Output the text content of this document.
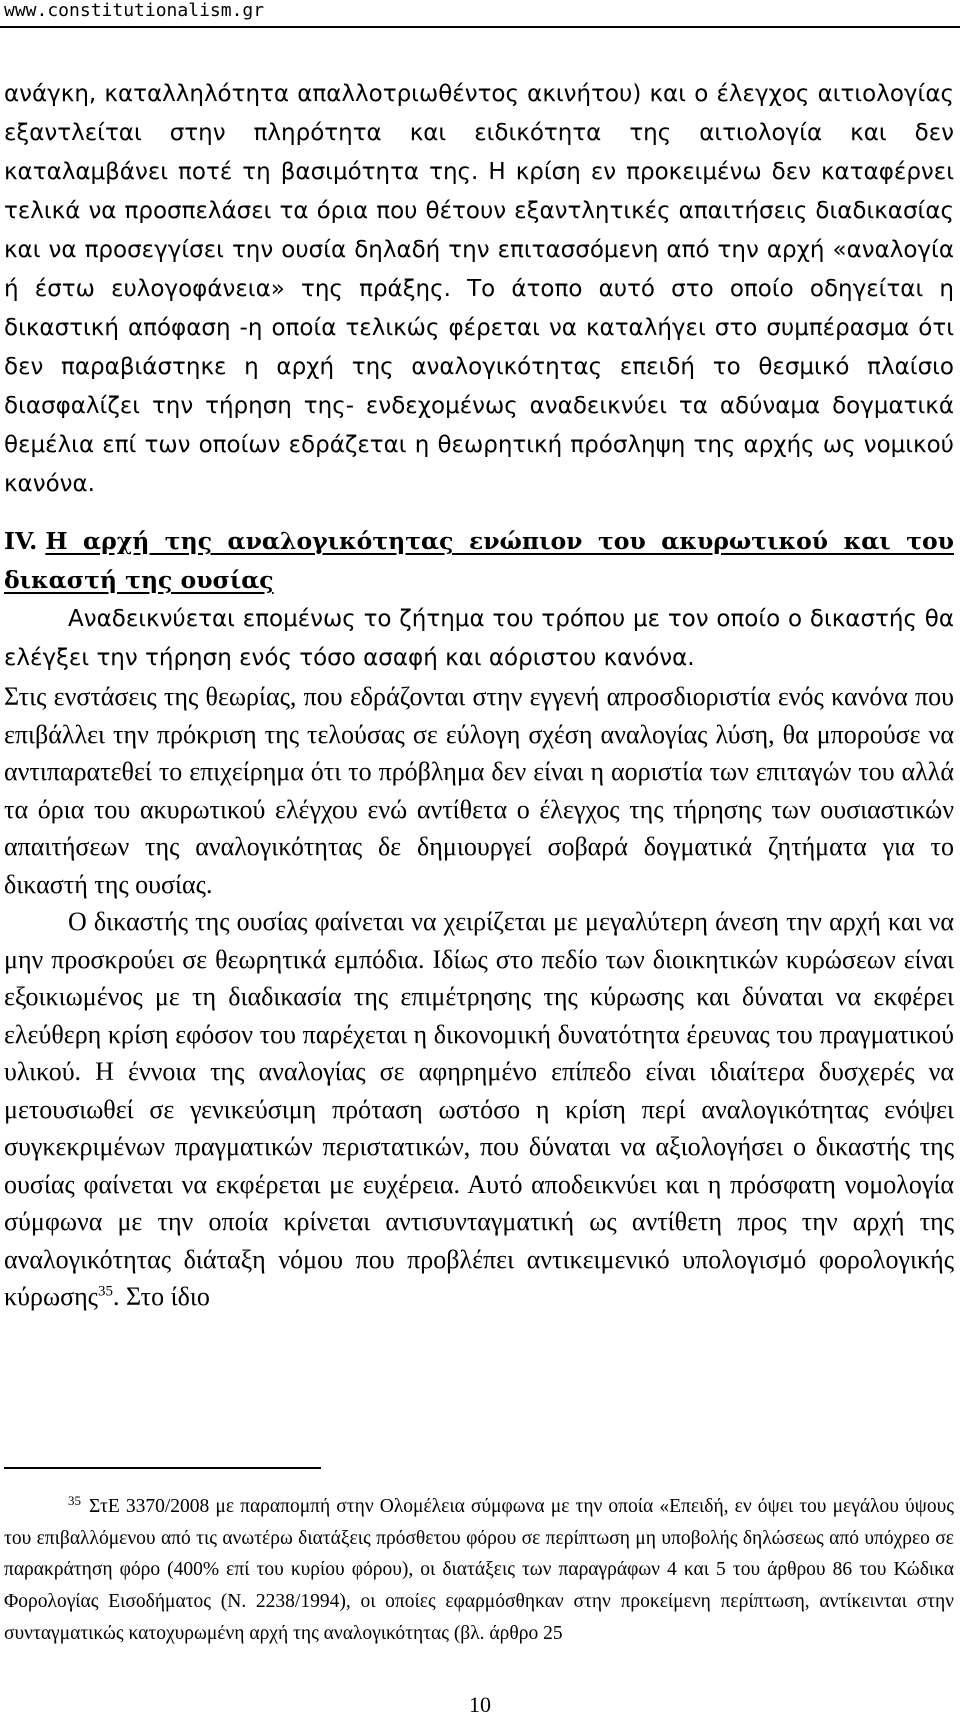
www.constitutionalism.gr

ανάγκη, καταλληλότητα απαλλοτριωθέντος ακινήτου) και ο έλεγχος αιτιολογίας εξαντλείται στην πληρότητα και ειδικότητα της αιτιολογία και δεν καταλαμβάνει ποτέ τη βασιμότητα της. Η κρίση εν προκειμένω δεν καταφέρνει τελικά να προσπελάσει τα όρια που θέτουν εξαντλητικές απαιτήσεις διαδικασίας και να προσεγγίσει την ουσία δηλαδή την επιτασσόμενη από την αρχή «αναλογία ή έστω ευλογοφάνεια» της πράξης. Το άτοπο αυτό στο οποίο οδηγείται η δικαστική απόφαση -η οποία τελικώς φέρεται να καταλήγει στο συμπέρασμα ότι δεν παραβιάστηκε η αρχή της αναλογικότητας επειδή το θεσμικό πλαίσιο διασφαλίζει την τήρηση της- ενδεχομένως αναδεικνύει τα αδύναμα δογματικά θεμέλια επί των οποίων εδράζεται η θεωρητική πρόσληψη της αρχής ως νομικού κανόνα.

IV. Η αρχή της αναλογικότητας ενώπιον του ακυρωτικού και του δικαστή της ουσίας

Αναδεικνύεται επομένως το ζήτημα του τρόπου με τον οποίο ο δικαστής θα ελέγξει την τήρηση ενός τόσο ασαφή και αόριστου κανόνα.

Στις ενστάσεις της θεωρίας, που εδράζονται στην εγγενή απροσδιοριστία ενός κανόνα που επιβάλλει την πρόκριση της τελούσας σε εύλογη σχέση αναλογίας λύση, θα μπορούσε να αντιπαρατεθεί το επιχείρημα ότι το πρόβλημα δεν είναι η αοριστία των επιταγών του αλλά τα όρια του ακυρωτικού ελέγχου ενώ αντίθετα ο έλεγχος της τήρησης των ουσιαστικών απαιτήσεων της αναλογικότητας δε δημιουργεί σοβαρά δογματικά ζητήματα για το δικαστή της ουσίας.

Ο δικαστής της ουσίας φαίνεται να χειρίζεται με μεγαλύτερη άνεση την αρχή και να μην προσκρούει σε θεωρητικά εμπόδια. Ιδίως στο πεδίο των διοικητικών κυρώσεων είναι εξοικιωμένος με τη διαδικασία της επιμέτρησης της κύρωσης και δύναται να εκφέρει ελεύθερη κρίση εφόσον του παρέχεται η δικονομική δυνατότητα έρευνας του πραγματικού υλικού. Η έννοια της αναλογίας σε αφηρημένο επίπεδο είναι ιδιαίτερα δυσχερές να μετουσιωθεί σε γενικεύσιμη πρόταση ωστόσο η κρίση περί αναλογικότητας ενόψει συγκεκριμένων πραγματικών περιστατικών, που δύναται να αξιολογήσει ο δικαστής της ουσίας φαίνεται να εκφέρεται με ευχέρεια. Αυτό αποδεικνύει και η πρόσφατη νομολογία σύμφωνα με την οποία κρίνεται αντισυνταγματική ως αντίθετη προς την αρχή της αναλογικότητας διάταξη νόμου που προβλέπει αντικειμενικό υπολογισμό φορολογικής κύρωσης$^{35}$. Στο ίδιο

$^{35}$ ΣτΕ 3370/2008 με παραπομπή στην Ολομέλεια σύμφωνα με την οποία «Επειδή, εν όψει του μεγάλου ύψους του επιβαλλόμενου από τις ανωτέρω διατάξεις πρόσθετου φόρου σε περίπτωση μη υποβολής δηλώσεως από υπόχρεο σε παρακράτηση φόρο (400% επί του κυρίου φόρου), οι διατάξεις των παραγράφων 4 και 5 του άρθρου 86 του Κώδικα Φορολογίας Εισοδήματος (Ν. 2238/1994), οι οποίες εφαρμόσθηκαν στην προκείμενη περίπτωση, αντίκεινται στην συνταγματικώς κατοχυρωμένη αρχή της αναλογικότητας (βλ. άρθρο 25

10
